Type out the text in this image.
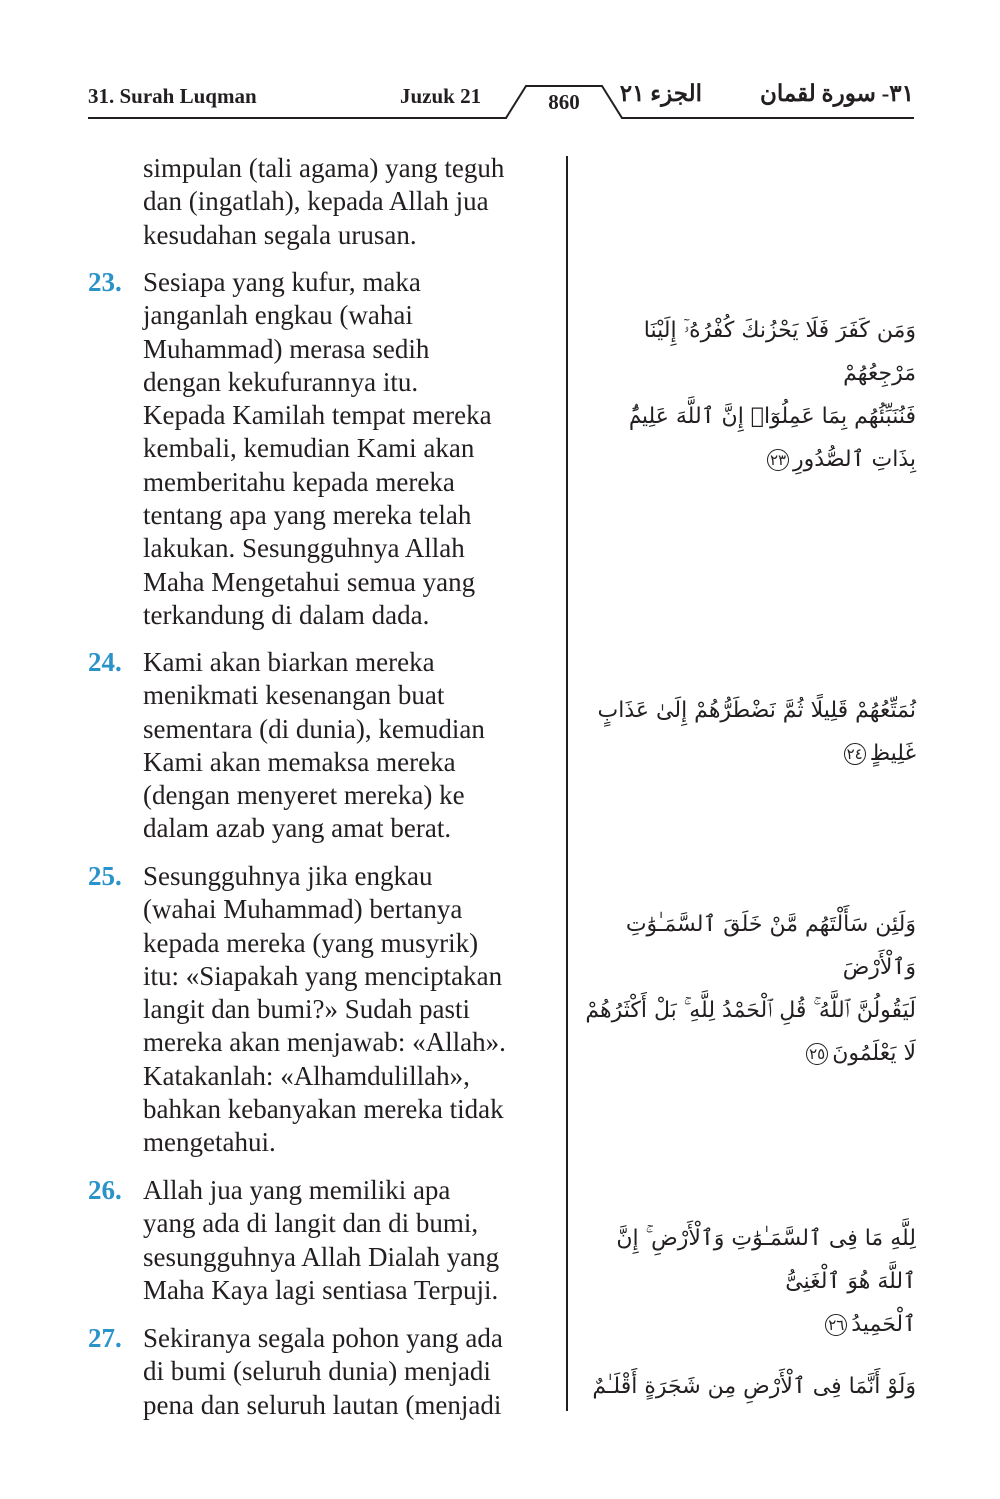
31. Surah Luqman	Juzuk 21	860	الجزء ٢١	٣١- سورة لقمان
simpulan (tali agama) yang teguh
dan (ingatlah), kepada Allah jua
kesudahan segala urusan.
23. Sesiapa yang kufur, maka
janganlah engkau (wahai
Muhammad) merasa sedih
dengan kekufurannya itu.
Kepada Kamilah tempat mereka
kembali, kemudian Kami akan
memberitahu kepada mereka
tentang apa yang mereka telah
lakukan. Sesungguhnya Allah
Maha Mengetahui semua yang
terkandung di dalam dada.

وَمَن كَفَرَ فَلَا يَحْزُنكَ كُفْرُهُۥٓ إِلَيْنَا مَرْجِعُهُمْ
فَنُنَبِّئُهُم بِمَا عَمِلُوٓا۟ إِنَّ ٱللَّهَ عَلِيمٌۢ بِذَاتِ ٱلصُّدُورِ٢٣

24. Kami akan biarkan mereka
menikmati kesenangan buat
sementara (di dunia), kemudian
Kami akan memaksa mereka
(dengan menyeret mereka) ke
dalam azab yang amat berat.

نُمَتِّعُهُمْ قَلِيلًا ثُمَّ نَضْطَرُّهُمْ إِلَىٰ عَذَابٍ
غَلِيظٍ٢٤

25. Sesungguhnya jika engkau
(wahai Muhammad) bertanya
kepada mereka (yang musyrik)
itu: «Siapakah yang menciptakan
langit dan bumi?» Sudah pasti
mereka akan menjawab: «Allah».
Katakanlah: «Alhamdulillah»,
bahkan kebanyakan mereka tidak
mengetahui.

وَلَئِن سَأَلْتَهُم مَّنْ خَلَقَ ٱلسَّمَـٰوَٰتِ وَٱلْأَرْضَ
لَيَقُولُنَّ ٱللَّهُ ۚ قُلِ ٱلْحَمْدُ لِلَّهِ ۚ بَلْ أَكْثَرُهُمْ
لَا يَعْلَمُونَ٢٥

26. Allah jua yang memiliki apa
yang ada di langit dan di bumi,
sesungguhnya Allah Dialah yang
Maha Kaya lagi sentiasa Terpuji.

لِلَّهِ مَا فِى ٱلسَّمَـٰوَٰتِ وَٱلْأَرْضِ ۚ إِنَّ ٱللَّهَ هُوَ ٱلْغَنِىُّ
ٱلْحَمِيدُ٢٦

27. Sekiranya segala pohon yang ada
di bumi (seluruh dunia) menjadi
pena dan seluruh lautan (menjadi

وَلَوْ أَنَّمَا فِى ٱلْأَرْضِ مِن شَجَرَةٍ أَقْلَـٰمٌ
